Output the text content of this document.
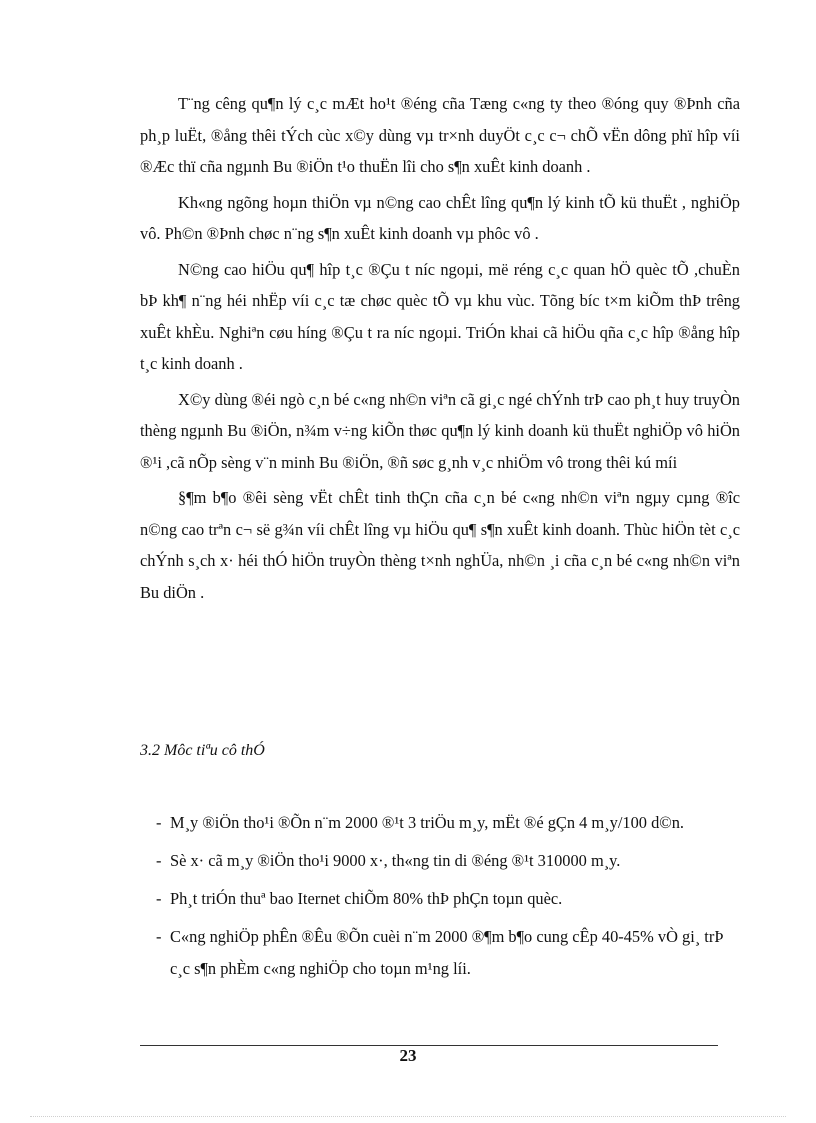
T¨ng cêng qu¶n lý c¸c mÆt ho¹t ®éng cña Tæng c«ng ty theo ®óng quy ®Þnh cña ph¸p luËt, ®ång thêi tÝch cùc x©y dùng vµ tr×nh duyÖt c¸c c¬ chÕ vËn dông phï hîp víi ®Æc thï cña ngµnh Bu ®iÖn t¹o thuËn lîi cho s¶n xuÊt kinh doanh .

Kh«ng ngõng hoµn thiÖn vµ n©ng cao chÊt lîng qu¶n lý kinh tÕ kü thuËt , nghiÖp vô. Ph©n ®Þnh chøc n¨ng s¶n xuÊt kinh doanh vµ phôc vô .

N©ng cao hiÖu qu¶ hîp t¸c ®Çu t níc ngoµi, më réng c¸c quan hÖ quèc tÕ ,chuÈn bÞ kh¶ n¨ng héi nhËp víi c¸c tæ chøc quèc tÕ vµ khu vùc. Tõng bíc t×m kiÕm thÞ trêng xuÊt khÈu. Nghiªn cøu híng ®Çu t ra níc ngoµi. TriÓn khai cã hiÖu qña c¸c hîp ®ång hîp t¸c kinh doanh .

X©y dùng ®éi ngò c¸n bé c«ng nh©n viªn cã gi¸c ngé chÝnh trÞ cao ph¸t huy truyÒn thèng ngµnh Bu ®iÖn, n¾m v÷ng kiÕn thøc qu¶n lý kinh doanh kü thuËt nghiÖp vô hiÖn ®¹i ,cã nÕp sèng v¨n minh Bu ®iÖn, ®ñ søc g¸nh v¸c nhiÖm vô trong thêi kú míi

§¶m b¶o ®êi sèng vËt chÊt tinh thÇn cña c¸n bé c«ng nh©n viªn ngµy cµng ®îc n©ng cao trªn c¬ së g¾n víi chÊt lîng vµ hiÖu qu¶ s¶n xuÊt kinh doanh. Thùc hiÖn tèt c¸c chÝnh s¸ch x· héi thÓ hiÖn truyÒn thèng t×nh nghÜa, nh©n ¸i cña c¸n bé c«ng nh©n viªn Bu diÖn .

3.2 Môc tiªu cô thÓ

- M¸y ®iÖn tho¹i ®Õn n¨m 2000 ®¹t 3 triÖu m¸y, mËt ®é gÇn 4 m¸y/100 d©n.
- Sè x· cã m¸y ®iÖn tho¹i 9000 x·, th«ng tin di ®éng ®¹t 310000 m¸y.
- Ph¸t triÓn thuª bao Iternet chiÕm 80% thÞ phÇn toµn quèc.
- C«ng nghiÖp phÊn ®Êu ®Õn cuèi n¨m 2000 ®¶m b¶o cung cÊp 40-45% vÒ gi¸ trÞ c¸c s¶n phÈm c«ng nghiÖp cho toµn m¹ng líi.
23
